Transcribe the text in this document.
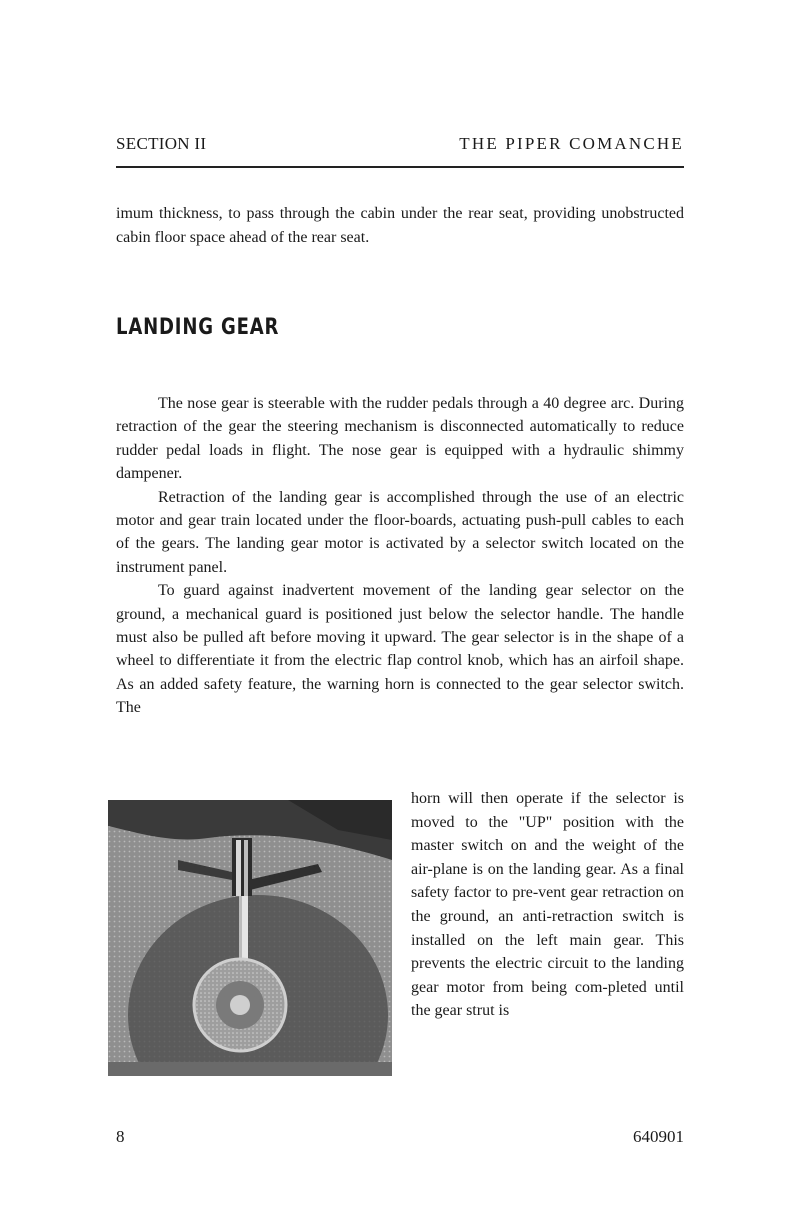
SECTION II	THE PIPER COMANCHE
imum thickness, to pass through the cabin under the rear seat, providing unobstructed cabin floor space ahead of the rear seat.
LANDING GEAR

The nose gear is steerable with the rudder pedals through a 40 degree arc. During retraction of the gear the steering mechanism is disconnected automatically to reduce rudder pedal loads in flight. The nose gear is equipped with a hydraulic shimmy dampener.

Retraction of the landing gear is accomplished through the use of an electric motor and gear train located under the floor-boards, actuating push-pull cables to each of the gears. The landing gear motor is activated by a selector switch located on the instrument panel.

To guard against inadvertent movement of the landing gear selector on the ground, a mechanical guard is positioned just below the selector handle. The handle must also be pulled aft before moving it upward. The gear selector is in the shape of a wheel to differentiate it from the electric flap control knob, which has an airfoil shape. As an added safety feature, the warning horn is connected to the gear selector switch. The

horn will then operate if the selector is moved to the "UP" position with the master switch on and the weight of the air-plane is on the landing gear. As a final safety factor to pre-vent gear retraction on the ground, an anti-retraction switch is installed on the left main gear. This prevents the electric circuit to the landing gear motor from being com-pleted until the gear strut is
8	640901
